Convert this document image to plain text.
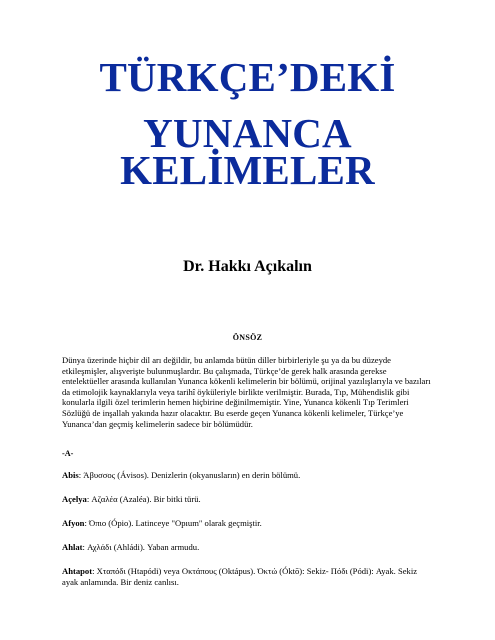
TÜRKÇE’DEKİ
YUNANCA
KELİMELER
Dr. Hakkı Açıkalın
ÖNSÖZ

Dünya üzerinde hiçbir dil arı değildir, bu anlamda bütün diller birbirleriyle şu ya da bu düzeyde etkileşmişler, alışverişte bulunmuşlardır. Bu çalışmada, Türkçe’de gerek halk arasında gerekse entelektüeller arasında kullanılan Yunanca kökenli kelimelerin bir bölümü, orijinal yazılışlarıyla ve bazıları da etimolojik kaynaklarıyla veya tarihî öyküleriyle birlikte verilmiştir. Burada, Tıp, Mühendislik gibi konularla ilgili özel terimlerin hemen hiçbirine değinilmemiştir. Yine, Yunanca kökenli Tıp Terimleri Sözlüğü de inşallah yakında hazır olacaktır. Bu eserde geçen Yunanca kökenli kelimeler, Türkçe’ye Yunanca’dan geçmiş kelimelerin sadece bir bölümüdür.

-A-
Abis: Άβυσσος (Ávisos). Denizlerin (okyanusların) en derin bölümü.
Açelya: Αζαλέα (Azaléa). Bir bitki türü.
Afyon: Όπιο (Ópio). Latinceye "Opıum" olarak geçmiştir.
Ahlat: Αχλάδι (Ahládi). Yaban armudu.
Ahtapot: Χταπόδι (Htapódi) veya Οκτάπους (Oktápus). Όκτώ (Óktō): Sekiz- Πόδι (Pódi): Ayak. Sekiz ayak anlamında. Bir deniz canlısı.
